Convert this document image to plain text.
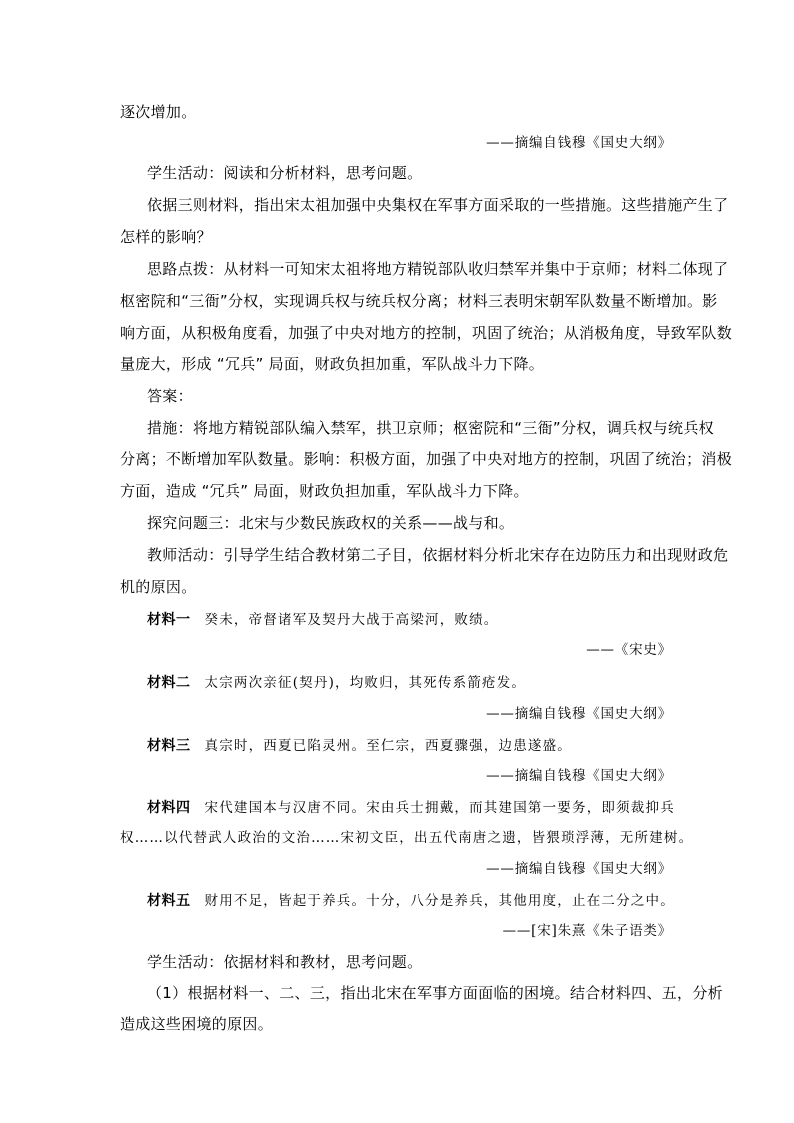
逐次增加。
——摘编自钱穆《国史大纲》
学生活动：阅读和分析材料，思考问题。
依据三则材料，指出宋太祖加强中央集权在军事方面采取的一些措施。这些措施产生了
怎样的影响？
思路点拨：从材料一可知宋太祖将地方精锐部队收归禁军并集中于京师；材料二体现了
枢密院和“三衙”分权，实现调兵权与统兵权分离；材料三表明宋朝军队数量不断增加。影
响方面，从积极角度看，加强了中央对地方的控制，巩固了统治；从消极角度，导致军队数
量庞大，形成 “冗兵” 局面，财政负担加重，军队战斗力下降。
答案：
措施：将地方精锐部队编入禁军，拱卫京师；枢密院和“三衙”分权，调兵权与统兵权
分离；不断增加军队数量。影响：积极方面，加强了中央对地方的控制，巩固了统治；消极
方面，造成 “冗兵” 局面，财政负担加重，军队战斗力下降。
探究问题三：北宋与少数民族政权的关系——战与和。
教师活动：引导学生结合教材第二子目，依据材料分析北宋存在边防压力和出现财政危
机的原因。
材料一 癸未，帝督诸军及契丹大战于高梁河，败绩。
——《宋史》
材料二 太宗两次亲征(契丹)，均败归，其死传系箭疮发。
——摘编自钱穆《国史大纲》
材料三 真宗时，西夏已陷灵州。至仁宗，西夏骤强，边患遂盛。
——摘编自钱穆《国史大纲》
材料四 宋代建国本与汉唐不同。宋由兵士拥戴，而其建国第一要务，即须裁抑兵
权……以代替武人政治的文治……宋初文臣，出五代南唐之遗，皆猥琐浮薄，无所建树。
——摘编自钱穆《国史大纲》
材料五 财用不足，皆起于养兵。十分，八分是养兵，其他用度，止在二分之中。
——[宋]朱熹《朱子语类》
学生活动：依据材料和教材，思考问题。
（1）根据材料一、二、三，指出北宋在军事方面面临的困境。结合材料四、五，分析
造成这些困境的原因。
